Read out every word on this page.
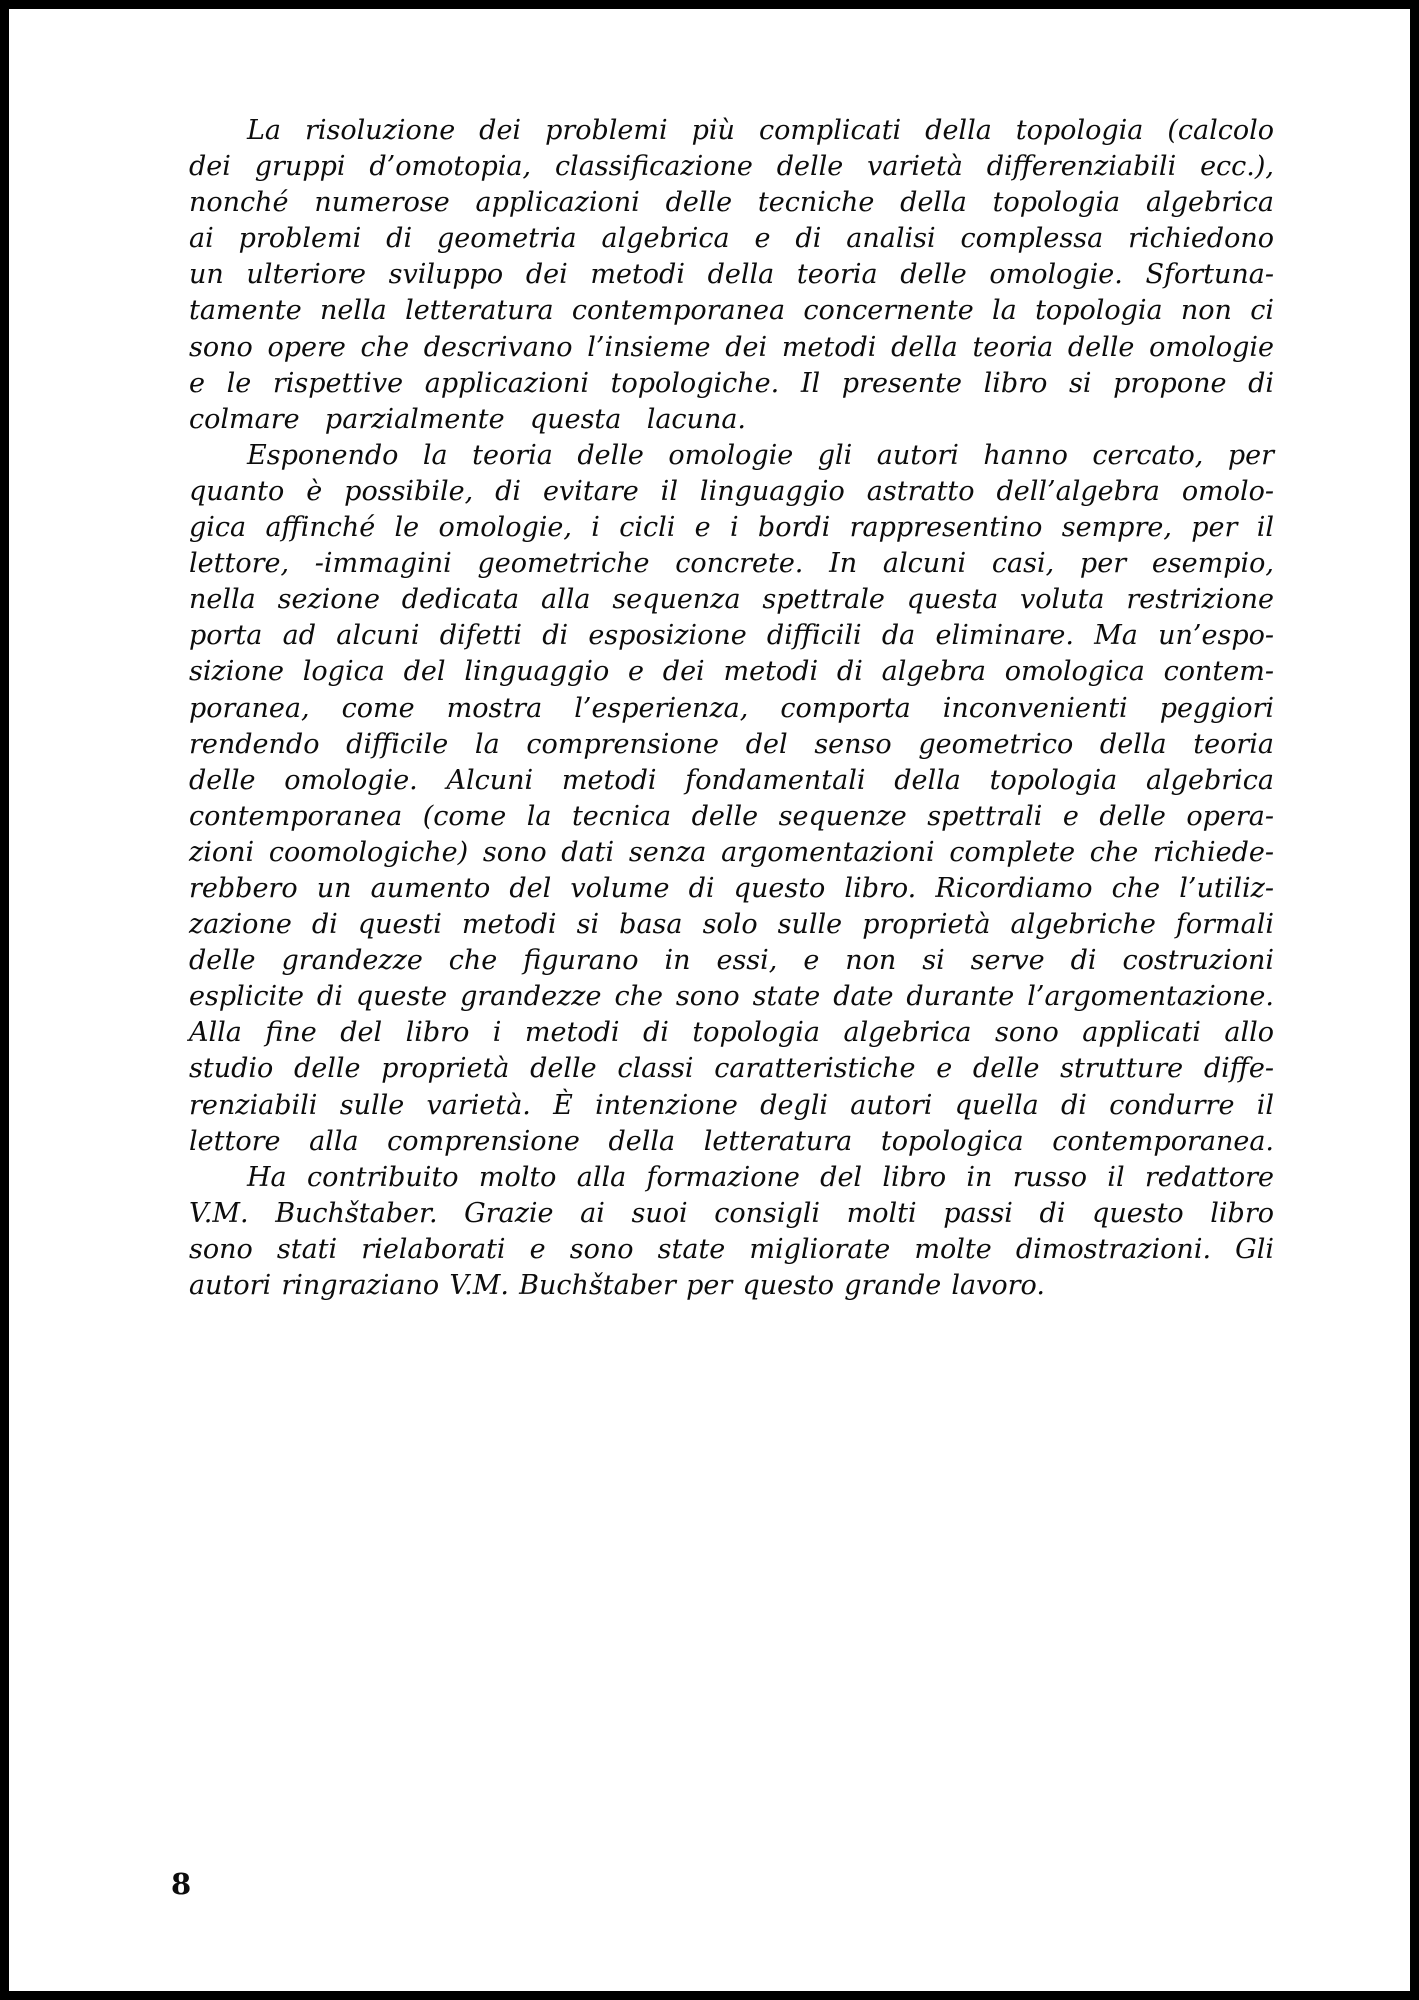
La risoluzione dei problemi più complicati della topologia (calcolo
dei gruppi d’omotopia, classificazione delle varietà differenziabili ecc.),
nonché numerose applicazioni delle tecniche della topologia algebrica
ai problemi di geometria algebrica e di analisi complessa richiedono
un ulteriore sviluppo dei metodi della teoria delle omologie. Sfortuna-
tamente nella letteratura contemporanea concernente la topologia non ci
sono opere che descrivano l’insieme dei metodi della teoria delle omologie
e le rispettive applicazioni topologiche. Il presente libro si propone di
colmare parzialmente questa lacuna.
Esponendo la teoria delle omologie gli autori hanno cercato, per
quanto è possibile, di evitare il linguaggio astratto dell’algebra omolo-
gica affinché le omologie, i cicli e i bordi rappresentino sempre, per il
lettore, -immagini geometriche concrete. In alcuni casi, per esempio,
nella sezione dedicata alla sequenza spettrale questa voluta restrizione
porta ad alcuni difetti di esposizione difficili da eliminare. Ma un’espo-
sizione logica del linguaggio e dei metodi di algebra omologica contem-
poranea, come mostra l’esperienza, comporta inconvenienti peggiori
rendendo difficile la comprensione del senso geometrico della teoria
delle omologie. Alcuni metodi fondamentali della topologia algebrica
contemporanea (come la tecnica delle sequenze spettrali e delle opera-
zioni coomologiche) sono dati senza argomentazioni complete che richiede-
rebbero un aumento del volume di questo libro. Ricordiamo che l’utiliz-
zazione di questi metodi si basa solo sulle proprietà algebriche formali
delle grandezze che figurano in essi, e non si serve di costruzioni
esplicite di queste grandezze che sono state date durante l’argomentazione.
Alla fine del libro i metodi di topologia algebrica sono applicati allo
studio delle proprietà delle classi caratteristiche e delle strutture diffe-
renziabili sulle varietà. È intenzione degli autori quella di condurre il
lettore alla comprensione della letteratura topologica contemporanea.
Ha contribuito molto alla formazione del libro in russo il redattore
V.M. Buchštaber. Grazie ai suoi consigli molti passi di questo libro
sono stati rielaborati e sono state migliorate molte dimostrazioni. Gli
autori ringraziano V.M. Buchštaber per questo grande lavoro.
8
